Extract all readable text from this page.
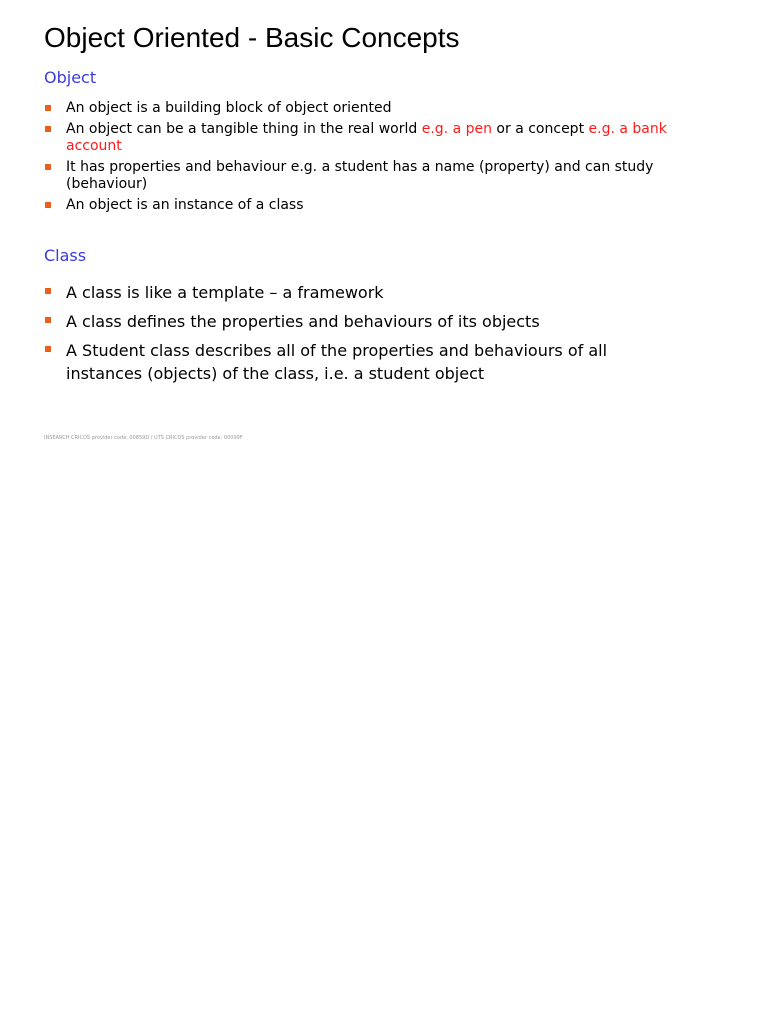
Object Oriented - Basic Concepts
Object
An object is a building block of object oriented
An object can be a tangible thing in the real world e.g. a pen or a concept e.g. a bank account
It has properties and behaviour e.g. a student has a name (property) and can study (behaviour)
An object is an instance of a class
Class
A class is like a template – a framework
A class defines the properties and behaviours of its objects
A Student class describes all of the properties and behaviours of all instances (objects) of the class, i.e. a student object
INSEARCH CRICOS provider code: 00859D / UTS CRICOS provider code: 00099F
